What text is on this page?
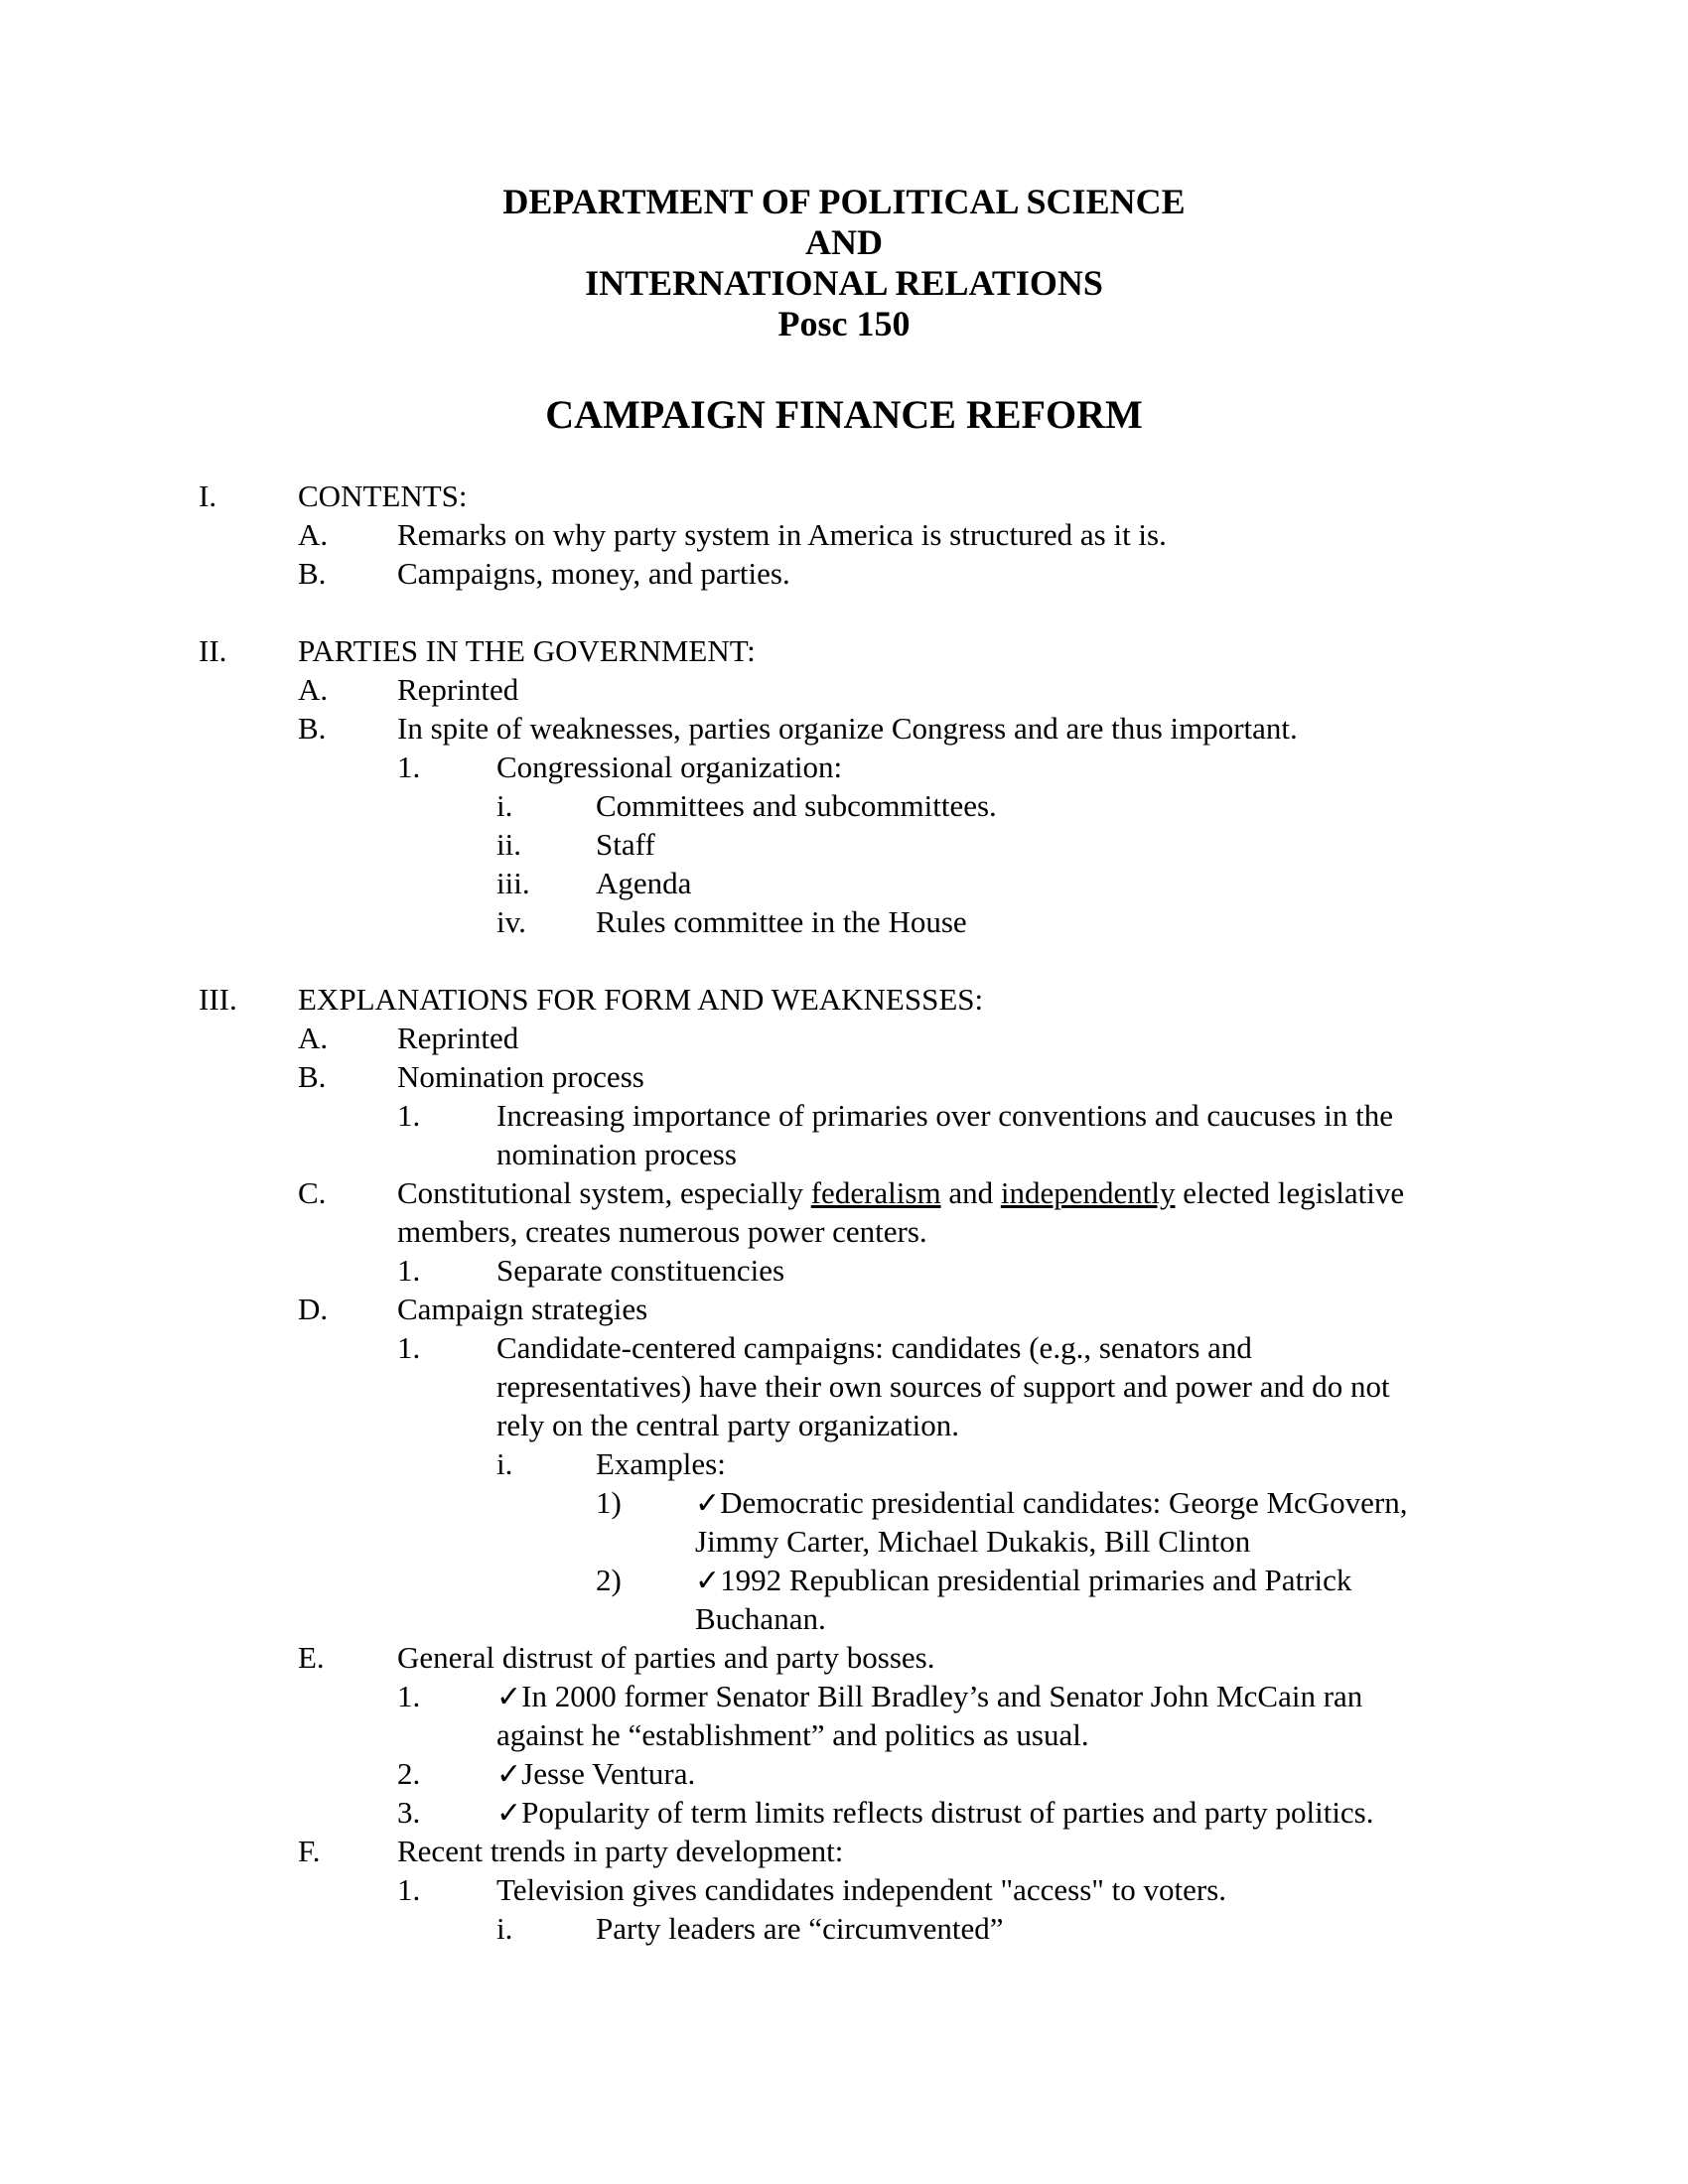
DEPARTMENT OF POLITICAL SCIENCE
AND
INTERNATIONAL RELATIONS
Posc 150
CAMPAIGN FINANCE REFORM
I.	CONTENTS:
A. Remarks on why party system in America is structured as it is.
B. Campaigns, money, and parties.
II. PARTIES IN THE GOVERNMENT:
A. Reprinted
B. In spite of weaknesses, parties organize Congress and are thus important.
1. Congressional organization:
i.	Committees and subcommittees.
ii. Staff
iii. Agenda
iv. Rules committee in the House
III. EXPLANATIONS FOR FORM AND WEAKNESSES:
A. Reprinted
B. Nomination process
1. Increasing importance of primaries over conventions and caucuses in the
nomination process
C. Constitutional system, especially federalism and independently elected legislative
members, creates numerous power centers.
1. Separate constituencies
D. Campaign strategies
1. Candidate-centered campaigns: candidates (e.g., senators and
representatives) have their own sources of support and power and do not
rely on the central party organization.
i.	Examples:
1) ✓Democratic presidential candidates: George McGovern,
Jimmy Carter, Michael Dukakis, Bill Clinton
2) ✓1992 Republican presidential primaries and Patrick
Buchanan.
E. General distrust of parties and party bosses.
1.	✓In 2000 former Senator Bill Bradley’s and Senator John McCain ran
against he “establishment” and politics as usual.
2.	✓Jesse Ventura.
3.	✓Popularity of term limits reflects distrust of parties and party politics.
F. Recent trends in party development:
1. Television gives candidates independent "access" to voters.
i.	Party leaders are “circumvented”
